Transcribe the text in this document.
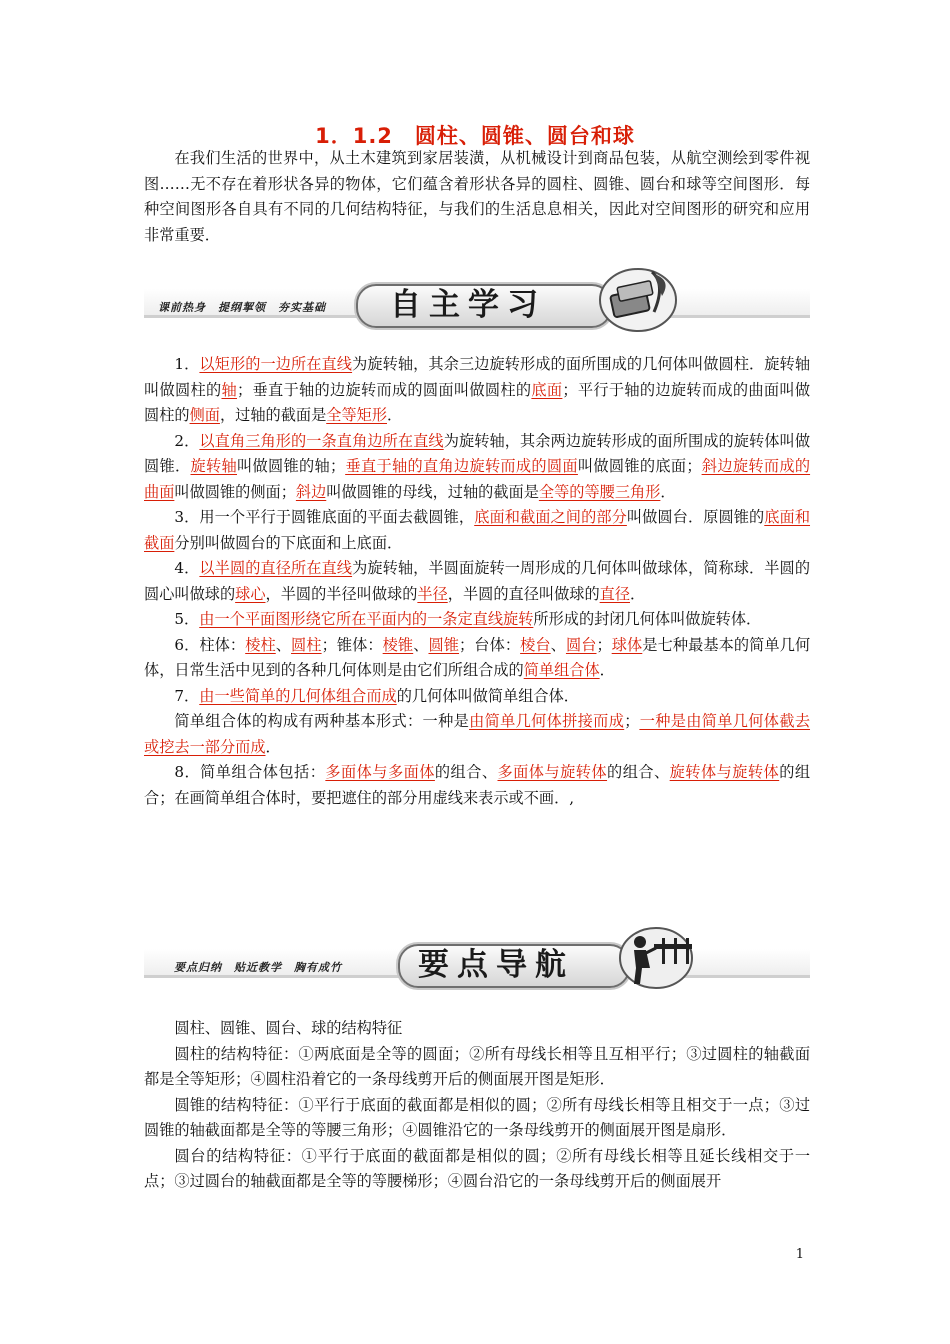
1．1.2　圆柱、圆锥、圆台和球

在我们生活的世界中，从土木建筑到家居装潢，从机械设计到商品包装，从航空测绘到零件视图……无不存在着形状各异的物体，它们蕴含着形状各异的圆柱、圆锥、圆台和球等空间图形．每种空间图形各自具有不同的几何结构特征，与我们的生活息息相关，因此对空间图形的研究和应用非常重要．

课前热身　提纲挈领　夯实基础 自主学习

1．以矩形的一边所在直线为旋转轴，其余三边旋转形成的面所围成的几何体叫做圆柱．旋转轴叫做圆柱的轴；垂直于轴的边旋转而成的圆面叫做圆柱的底面；平行于轴的边旋转而成的曲面叫做圆柱的侧面，过轴的截面是全等矩形．

2．以直角三角形的一条直角边所在直线为旋转轴，其余两边旋转形成的面所围成的旋转体叫做圆锥．旋转轴叫做圆锥的轴；垂直于轴的直角边旋转而成的圆面叫做圆锥的底面；斜边旋转而成的曲面叫做圆锥的侧面；斜边叫做圆锥的母线，过轴的截面是全等的等腰三角形．

3．用一个平行于圆锥底面的平面去截圆锥，底面和截面之间的部分叫做圆台．原圆锥的底面和截面分别叫做圆台的下底面和上底面．

4．以半圆的直径所在直线为旋转轴，半圆面旋转一周形成的几何体叫做球体，简称球．半圆的圆心叫做球的球心，半圆的半径叫做球的半径，半圆的直径叫做球的直径．

5．由一个平面图形绕它所在平面内的一条定直线旋转所形成的封闭几何体叫做旋转体．

6．柱体：棱柱、圆柱；锥体：棱锥、圆锥；台体：棱台、圆台；球体是七种最基本的简单几何体，日常生活中见到的各种几何体则是由它们所组合成的简单组合体．

7．由一些简单的几何体组合而成的几何体叫做简单组合体．

简单组合体的构成有两种基本形式：一种是由简单几何体拼接而成；一种是由简单几何体截去或挖去一部分而成．

8．简单组合体包括：多面体与多面体的组合、多面体与旋转体的组合、旋转体与旋转体的组合；在画简单组合体时，要把遮住的部分用虚线来表示或不画．,

要点归纳　贴近教学　胸有成竹 要点导航

圆柱、圆锥、圆台、球的结构特征

圆柱的结构特征：①两底面是全等的圆面；②所有母线长相等且互相平行；③过圆柱的轴截面都是全等矩形；④圆柱沿着它的一条母线剪开后的侧面展开图是矩形．

圆锥的结构特征：①平行于底面的截面都是相似的圆；②所有母线长相等且相交于一点；③过圆锥的轴截面都是全等的等腰三角形；④圆锥沿它的一条母线剪开的侧面展开图是扇形．

圆台的结构特征：①平行于底面的截面都是相似的圆；②所有母线长相等且延长线相交于一点；③过圆台的轴截面都是全等的等腰梯形；④圆台沿它的一条母线剪开后的侧面展开

1
